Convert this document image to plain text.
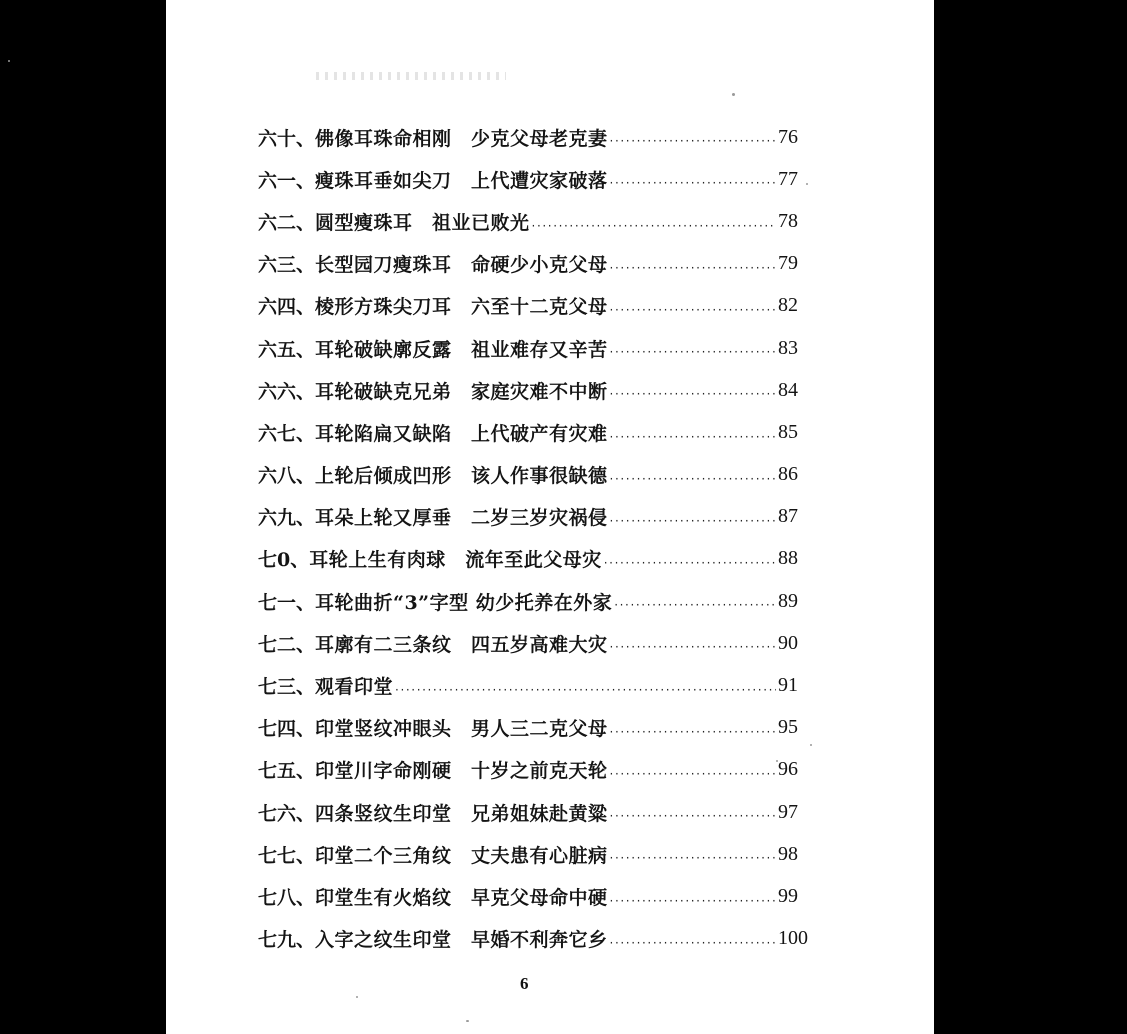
六十、 佛像耳珠命相刚　少克父母老克妻 ·····	76
六一、 瘦珠耳垂如尖刀　上代遭灾家破落 ·····	77
六二、 圆型瘦珠耳　祖业已败光 ·····	78
六三、 长型园刀瘦珠耳　命硬少小克父母 ·····	79
六四、 棱形方珠尖刀耳　六至十二克父母 ·····	82
六五、 耳轮破缺廓反露　祖业难存又辛苦 ·····	83
六六、 耳轮破缺克兄弟　家庭灾难不中断 ·····	84
六七、 耳轮陷扁又缺陷　上代破产有灾难 ·····	85
六八、 上轮后倾成凹形　该人作事很缺德 ·····	86
六九、 耳朵上轮又厚垂　二岁三岁灾祸侵 ·····	87
七0、 耳轮上生有肉球　流年至此父母灾 ·····	88
七一、 耳轮曲折“3”字型 幼少托养在外家 ·····	89
七二、 耳廓有二三条纹　四五岁高难大灾 ·····	90
七三、 观看印堂 ·····	91
七四、 印堂竖纹冲眼头　男人三二克父母 ·····	95
七五、 印堂川字命刚硬　十岁之前克天轮 ·····	96
七六、 四条竖纹生印堂　兄弟姐妹赴黄粱 ·····	97
七七、 印堂二个三角纹　丈夫患有心脏病 ·····	98
七八、 印堂生有火焰纹　早克父母命中硬 ·····	99
七九、 入字之纹生印堂　早婚不利奔它乡 ·····	100
6
